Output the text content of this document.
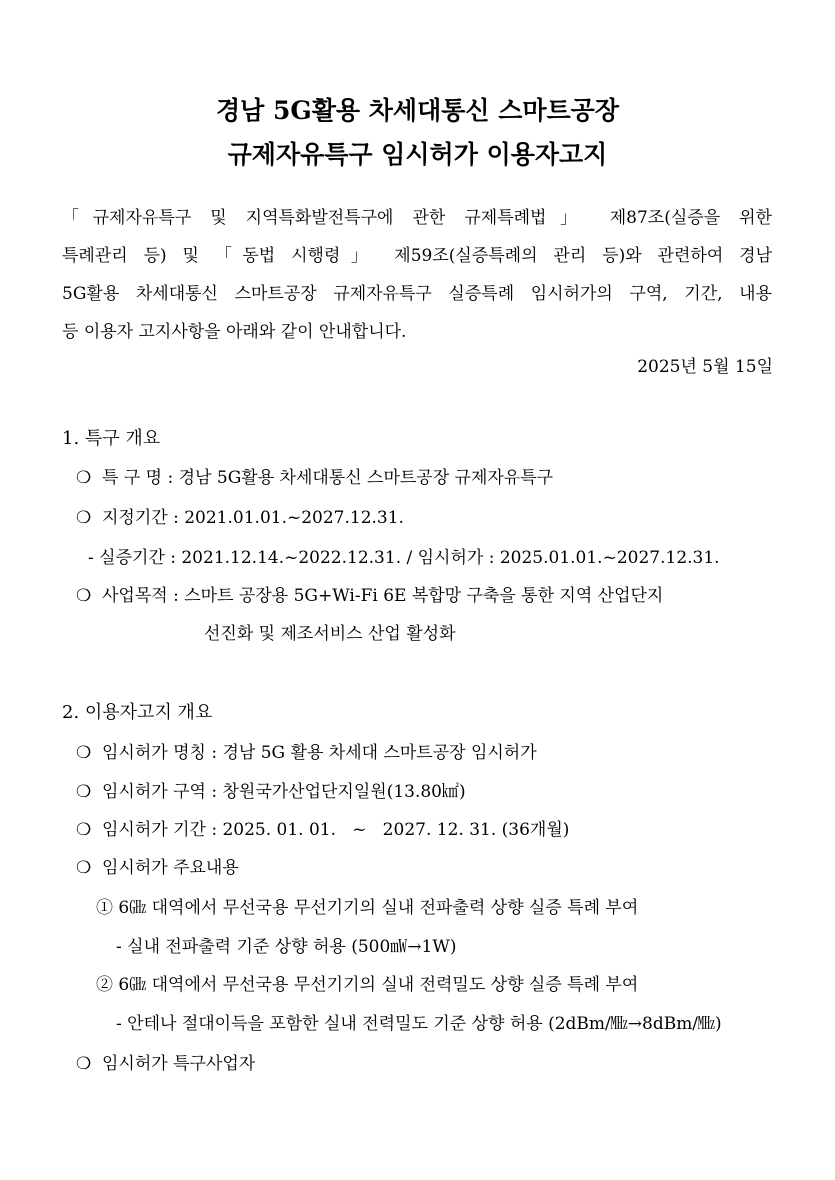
경남 5G활용 차세대통신 스마트공장
규제자유특구 임시허가 이용자고지
「규제자유특구 및 지역특화발전특구에 관한 규제특례법」 제87조(실증을 위한
특례관리 등) 및 「동법 시행령」 제59조(실증특례의 관리 등)와 관련하여 경남
5G활용 차세대통신 스마트공장 규제자유특구 실증특례 임시허가의 구역, 기간, 내용
등 이용자 고지사항을 아래와 같이 안내합니다.
2025년 5월 15일
1. 특구 개요
❍ 특 구 명 : 경남 5G활용 차세대통신 스마트공장 규제자유특구
❍ 지정기간 : 2021.01.01.~2027.12.31.
- 실증기간 : 2021.12.14.~2022.12.31. / 임시허가 : 2025.01.01.~2027.12.31.
❍ 사업목적 : 스마트 공장용 5G+Wi-Fi 6E 복합망 구축을 통한 지역 산업단지
선진화 및 제조서비스 산업 활성화
2. 이용자고지 개요
❍ 임시허가 명칭 : 경남 5G 활용 차세대 스마트공장 임시허가
❍ 임시허가 구역 : 창원국가산업단지일원(13.80㎢)
❍ 임시허가 기간 : 2025. 01. 01.   ~   2027. 12. 31. (36개월)
❍ 임시허가 주요내용
① 6㎓ 대역에서 무선국용 무선기기의 실내 전파출력 상향 실증 특례 부여
- 실내 전파출력 기준 상향 허용 (500㎽→1W)
② 6㎓ 대역에서 무선국용 무선기기의 실내 전력밀도 상향 실증 특례 부여
- 안테나 절대이득을 포함한 실내 전력밀도 기준 상향 허용 (2dBm/㎒→8dBm/㎒)
❍ 임시허가 특구사업자
